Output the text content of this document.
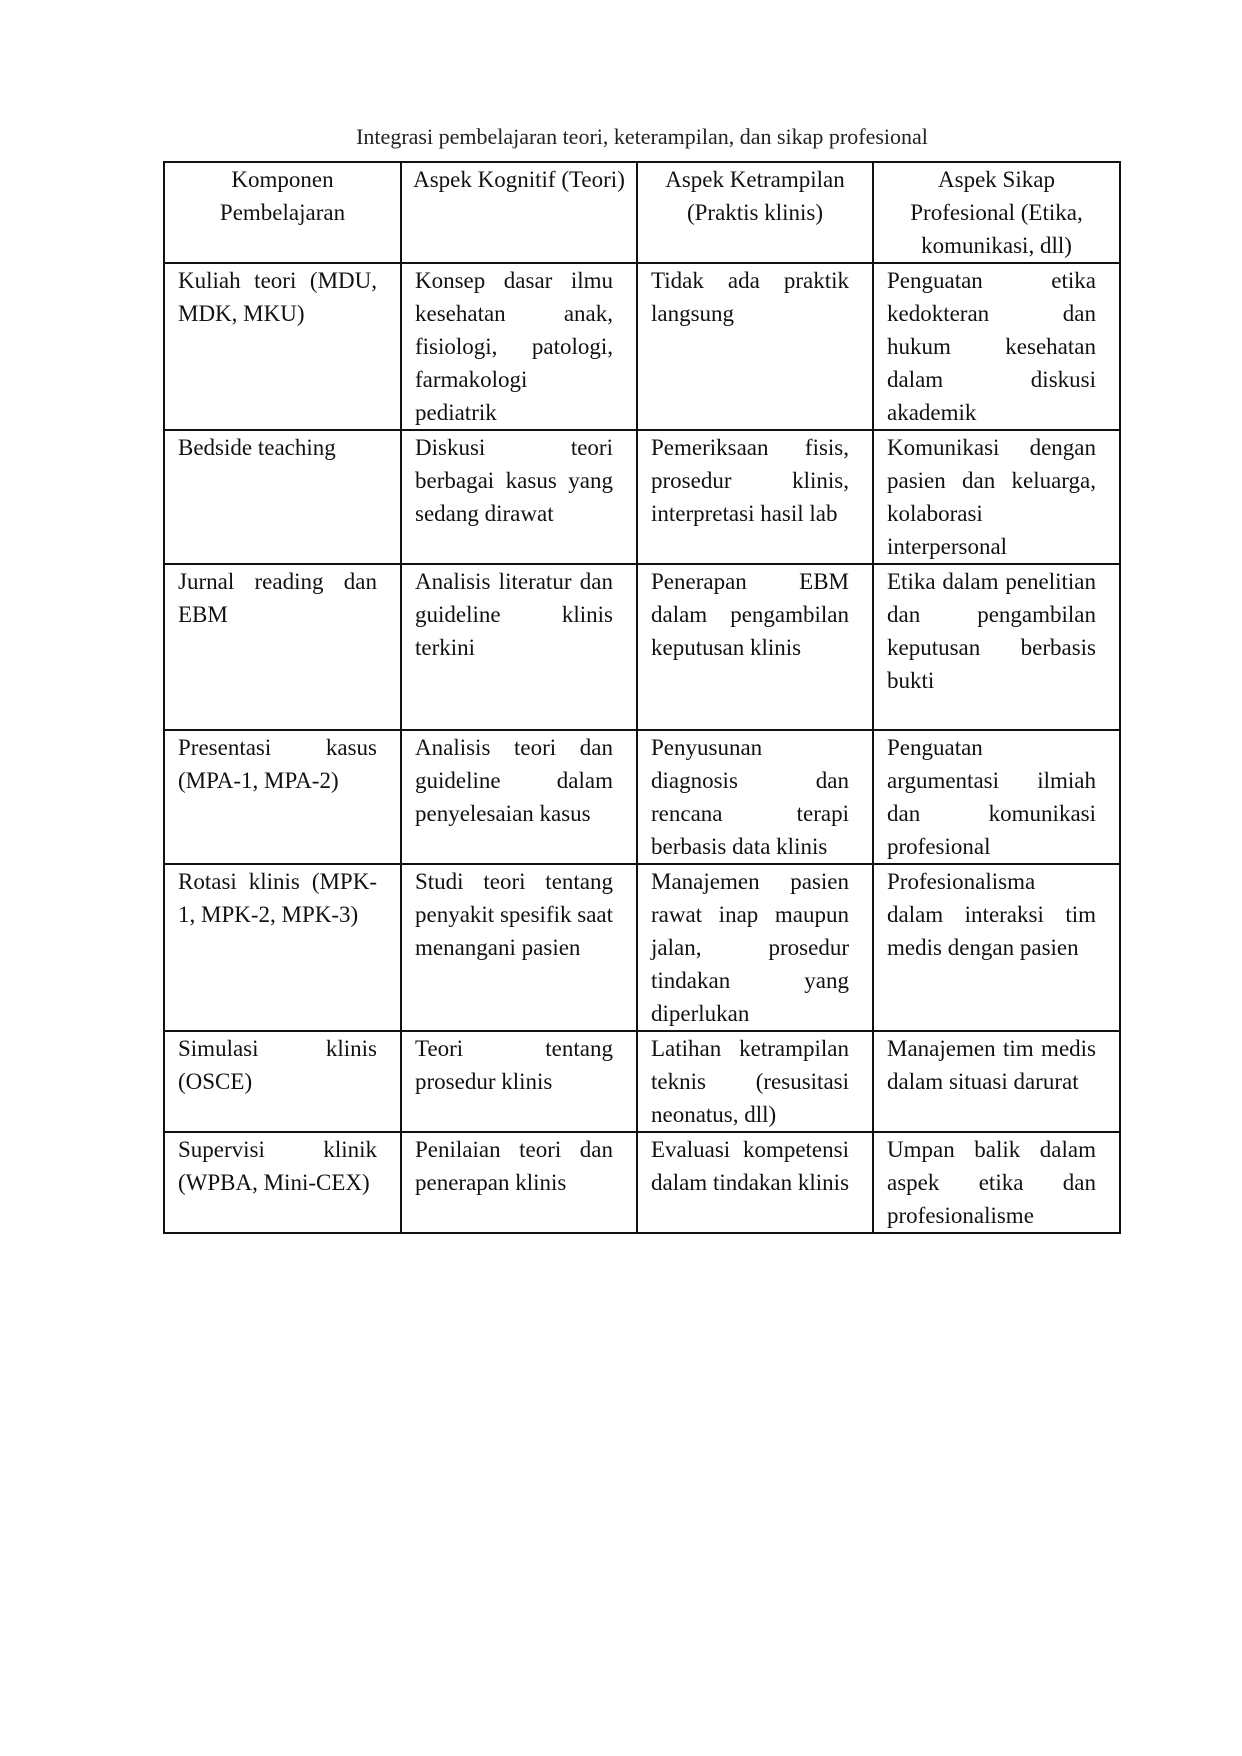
Integrasi pembelajaran teori, keterampilan, dan sikap profesional
Komponen Pembelajaran	Aspek Kognitif (Teori)	Aspek Ketrampilan (Praktis klinis)	Aspek Sikap Profesional (Etika, komunikasi, dll)
Kuliah teori (MDU, MDK, MKU)	Konsep dasar ilmu kesehatan anak, fisiologi, patologi, farmakologi pediatrik	Tidak ada praktik langsung	Penguatan etika kedokteran dan hukum kesehatan dalam diskusi akademik
Bedside teaching	Diskusi teori berbagai kasus yang sedang dirawat	Pemeriksaan fisis, prosedur klinis, interpretasi hasil lab	Komunikasi dengan pasien dan keluarga, kolaborasi interpersonal
Jurnal reading dan EBM	Analisis literatur dan guideline klinis terkini	Penerapan EBM dalam pengambilan keputusan klinis	Etika dalam penelitian dan pengambilan keputusan berbasis bukti
Presentasi kasus (MPA-1, MPA-2)	Analisis teori dan guideline dalam penyelesaian kasus	Penyusunan diagnosis dan rencana terapi berbasis data klinis	Penguatan argumentasi ilmiah dan komunikasi profesional
Rotasi klinis (MPK-1, MPK-2, MPK-3)	Studi teori tentang penyakit spesifik saat menangani pasien	Manajemen pasien rawat inap maupun jalan, prosedur tindakan yang diperlukan	Profesionalisma dalam interaksi tim medis dengan pasien
Simulasi klinis (OSCE)	Teori tentang prosedur klinis	Latihan ketrampilan teknis (resusitasi neonatus, dll)	Manajemen tim medis dalam situasi darurat
Supervisi klinik (WPBA, Mini-CEX)	Penilaian teori dan penerapan klinis	Evaluasi kompetensi dalam tindakan klinis	Umpan balik dalam aspek etika dan profesionalisme
